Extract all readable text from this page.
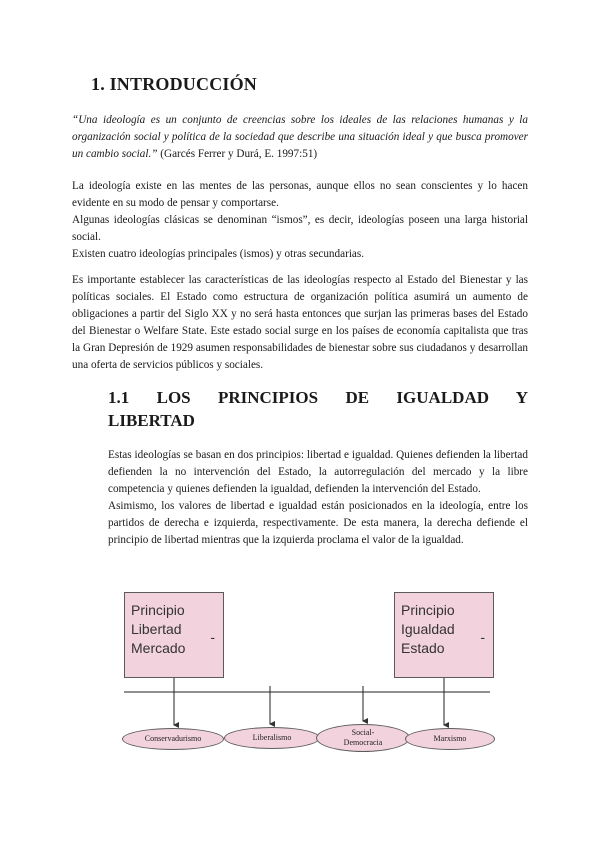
1. INTRODUCCIÓN

“Una ideología es un conjunto de creencias sobre los ideales de las relaciones humanas y la organización social y política de la sociedad que describe una situación ideal y que busca promover un cambio social.” (Garcés Ferrer y Durá, E. 1997:51)

La ideología existe en las mentes de las personas, aunque ellos no sean conscientes y lo hacen evidente en su modo de pensar y comportarse.

Algunas ideologías clásicas se denominan “ismos”, es decir, ideologías poseen una larga historial social.

Existen cuatro ideologías principales (ismos) y otras secundarias.

Es importante establecer las características de las ideologías respecto al Estado del Bienestar y las políticas sociales. El Estado como estructura de organización política asumirá un aumento de obligaciones a partir del Siglo XX y no será hasta entonces que surjan las primeras bases del Estado del Bienestar o Welfare State. Este estado social surge en los países de economía capitalista que tras la Gran Depresión de 1929 asumen responsabilidades de bienestar sobre sus ciudadanos y desarrollan una oferta de servicios públicos y sociales.

1.1 LOS PRINCIPIOS DE IGUALDAD Y
LIBERTAD

Estas ideologías se basan en dos principios: libertad e igualdad. Quienes defienden la libertad defienden la no intervención del Estado, la autorregulación del mercado y la libre competencia y quienes defienden la igualdad, defienden la intervención del Estado.

Asimismo, los valores de libertad e igualdad están posicionados en la ideología, entre los partidos de derecha e izquierda, respectivamente. De esta manera, la derecha defiende el principio de libertad mientras que la izquierda proclama el valor de la igualdad.

Principio
Libertad
Mercado
-
Principio
Igualdad
Estado
-
Conservadurismo	Liberalismo
Social-
Democracia	Marxismo
